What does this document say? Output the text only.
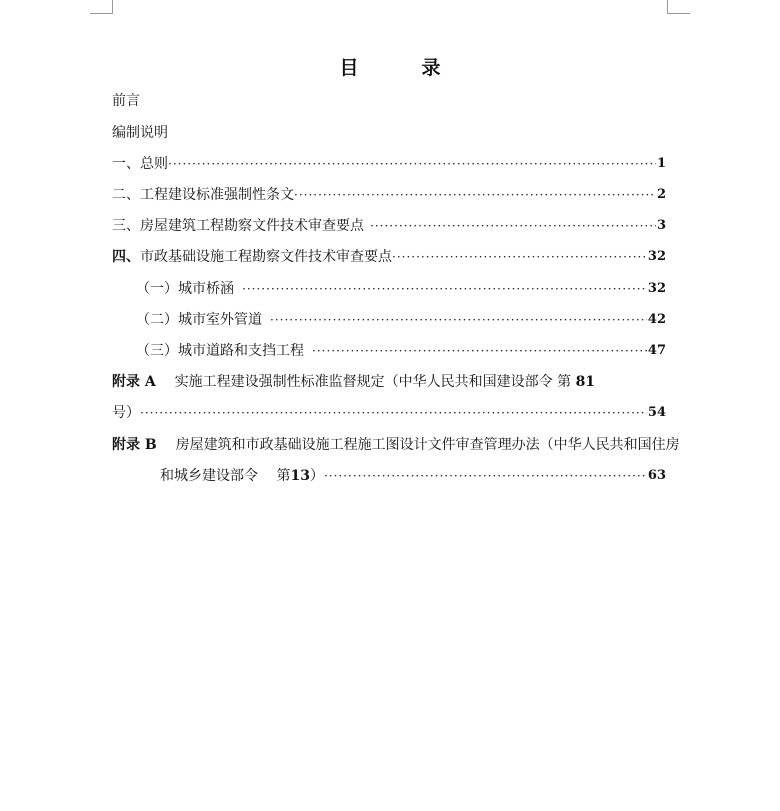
目　录
前言
编制说明
一、总则 ·····	1
二、工程建设标准强制性条文 ·····	2
三、房屋建筑工程勘察文件技术审查要点 ·····	3
四、 市政基础设施工程勘察文件技术审查要点 ·····	32
（一）城市桥涵 ·····	32
（二）城市室外管道 ·····	42
（三）城市道路和支挡工程 ·····	47
附录 A 实施工程建设强制性标准监督规定（中华人民共和国建设部令 第 81
号） ·····	54
附录 B 房屋建筑和市政基础设施工程施工图设计文件审查管理办法（中华人民共和国住房
和城乡建设部令　 第 13 ） ·····	63
